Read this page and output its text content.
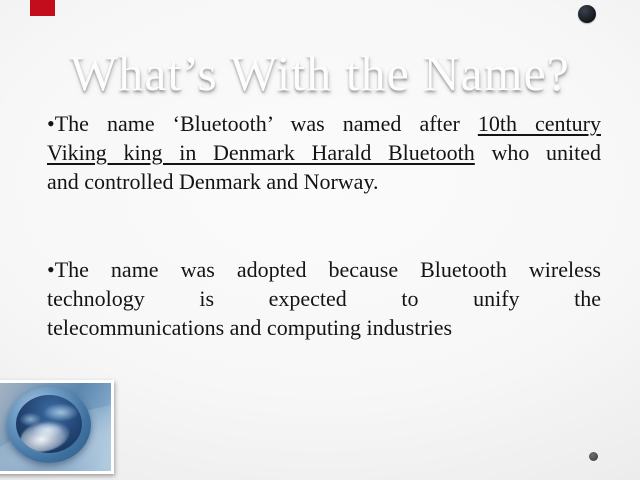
What’s With the Name?
•The name ‘Bluetooth’ was named after 10th century
Viking king in Denmark Harald Bluetooth who united
and controlled Denmark and Norway.
•The name was adopted because Bluetooth wireless
technology is expected to unify the
telecommunications and computing industries
